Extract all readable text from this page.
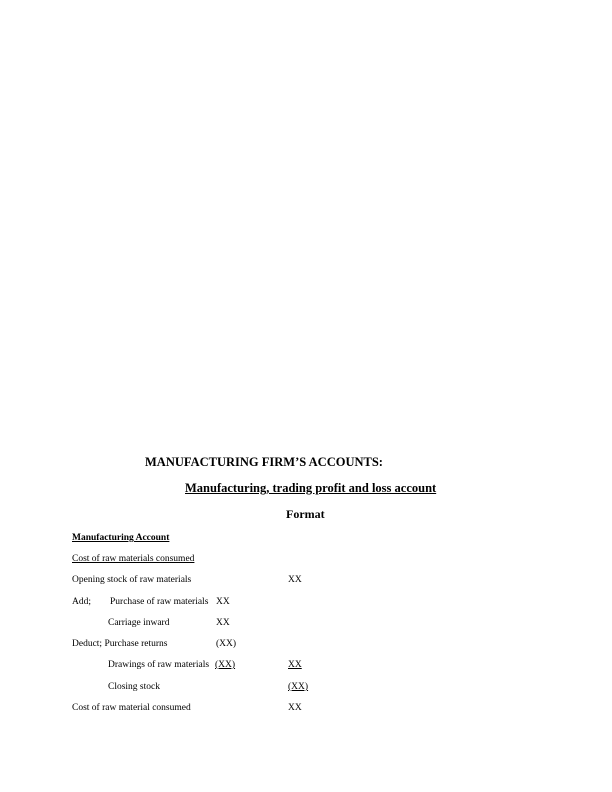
MANUFACTURING FIRM’S ACCOUNTS:
Manufacturing, trading profit and loss account
Format
Manufacturing Account
Cost of raw materials consumed
Opening stock of raw materials	XX
Add; Purchase of raw materials XX
Carriage inward	XX
Deduct; Purchase returns	(XX)
Drawings of raw materials (XX)	XX
Closing stock	(XX)
Cost of raw material consumed	XX
